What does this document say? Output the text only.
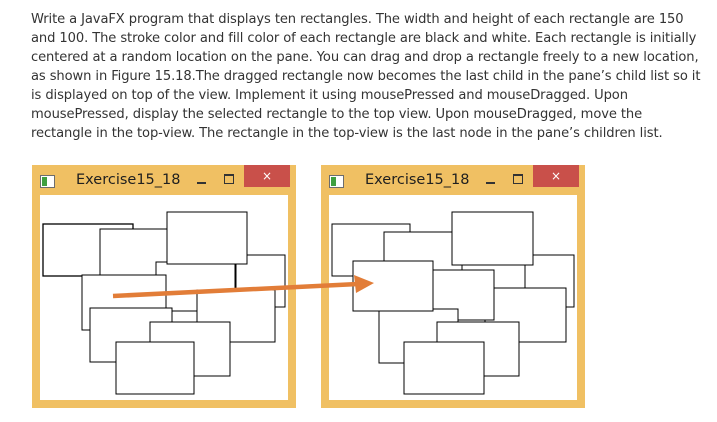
Write a JavaFX program that displays ten rectangles. The width and height of each rectangle are 150 and 100. The stroke color and fill color of each rectangle are black and white. Each rectangle is initially centered at a random location on the pane. You can drag and drop a rectangle freely to a new location, as shown in Figure 15.18.The dragged rectangle now becomes the last child in the pane’s child list so it is displayed on top of the view. Implement it using mousePressed and mouseDragged. Upon mousePressed, display the selected rectangle to the top view. Upon mouseDragged, move the rectangle in the top-view. The rectangle in the top-view is the last node in the pane’s children list.

Exercise15_18	×	Exercise15_18	×
